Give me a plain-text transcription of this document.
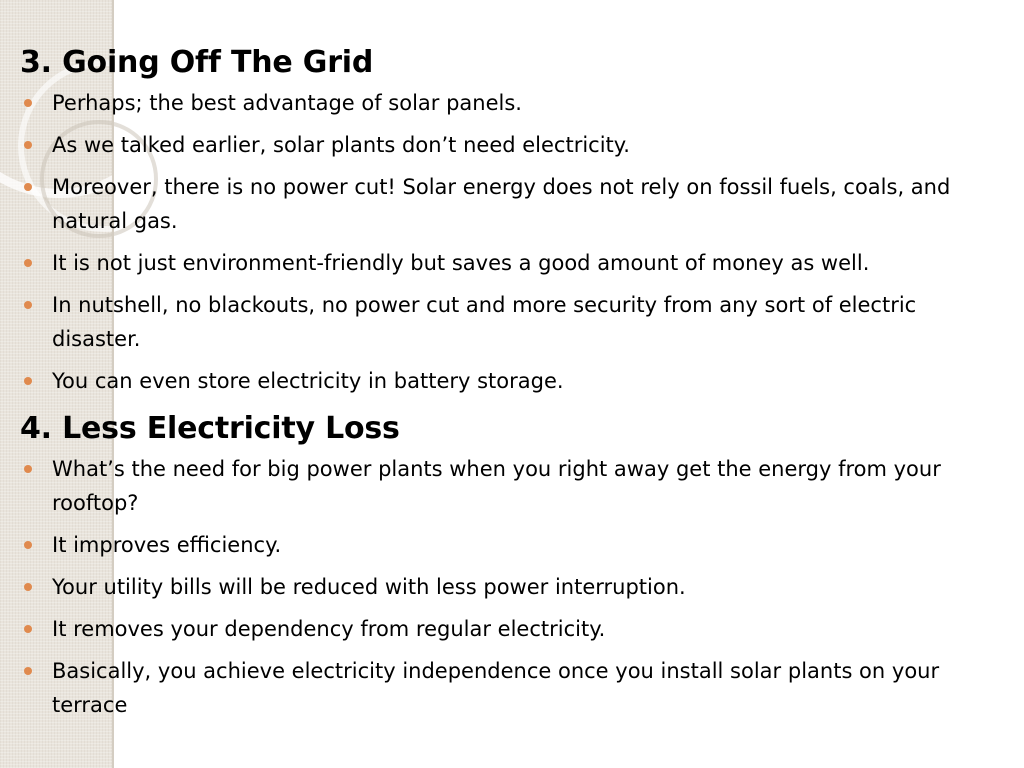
3. Going Off The Grid
Perhaps; the best advantage of solar panels.
As we talked earlier, solar plants don’t need electricity.
Moreover, there is no power cut! Solar energy does not rely on fossil fuels, coals, and natural gas.
It is not just environment-friendly but saves a good amount of money as well.
In nutshell, no blackouts, no power cut and more security from any sort of electric disaster.
You can even store electricity in battery storage.
4. Less Electricity Loss
What’s the need for big power plants when you right away get the energy from your rooftop?
It improves efficiency.
Your utility bills will be reduced with less power interruption.
It removes your dependency from regular electricity.
Basically, you achieve electricity independence once you install solar plants on your terrace
